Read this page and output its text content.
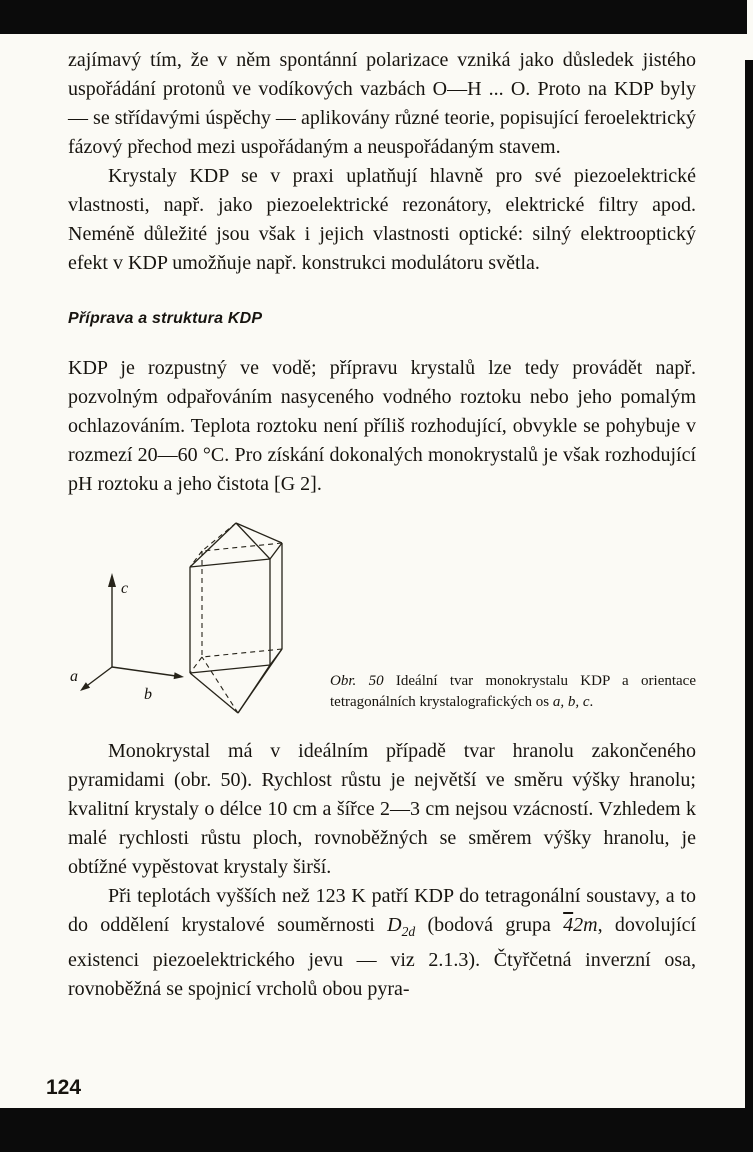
zajímavý tím, že v něm spontánní polarizace vzniká jako důsledek jistého uspořádání protonů ve vodíkových vazbách O—H ... O. Proto na KDP byly — se střídavými úspěchy — aplikovány různé teorie, popisující feroelektrický fázový přechod mezi uspořádaným a neuspořádaným stavem.

Krystaly KDP se v praxi uplatňují hlavně pro své piezoelektrické vlastnosti, např. jako piezoelektrické rezonátory, elektrické filtry apod. Neméně důležité jsou však i jejich vlastnosti optické: silný elektrooptický efekt v KDP umožňuje např. konstrukci modulátoru světla.

Příprava a struktura KDP

KDP je rozpustný ve vodě; přípravu krystalů lze tedy provádět např. pozvolným odpařováním nasyceného vodného roztoku nebo jeho pomalým ochlazováním. Teplota roztoku není příliš rozhodující, obvykle se pohybuje v rozmezí 20—60 °C. Pro získání dokonalých monokrystalů je však rozhodující pH roztoku a jeho čistota [G 2].

c
a
b

Obr. 50 Ideální tvar monokrystalu KDP a orientace tetragonálních krystalografických os a, b, c.

Monokrystal má v ideálním případě tvar hranolu zakončeného pyramidami (obr. 50). Rychlost růstu je největší ve směru výšky hranolu; kvalitní krystaly o délce 10 cm a šířce 2—3 cm nejsou vzácností. Vzhledem k malé rychlosti růstu ploch, rovnoběžných se směrem výšky hranolu, je obtížné vypěstovat krystaly širší.

Při teplotách vyšších než 123 K patří KDP do tetragonální soustavy, a to do oddělení krystalové souměrnosti $D_{2d}$ (bodová grupa 42m, dovolující existenci piezoelektrického jevu — viz 2.1.3). Čtyřčetná inverzní osa, rovnoběžná se spojnicí vrcholů obou pyra-

124
